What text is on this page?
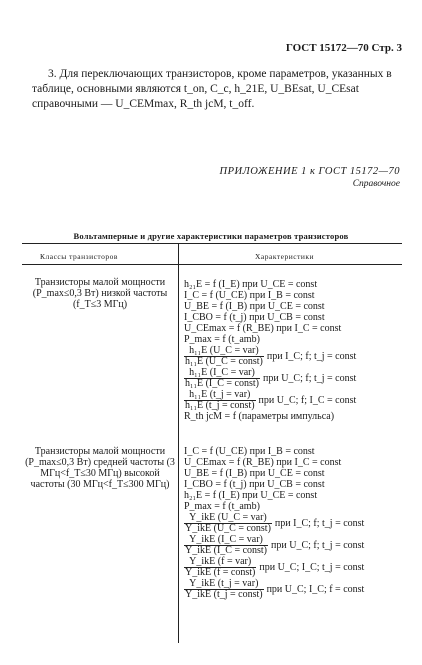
ГОСТ 15172—70 Стр. 3
3. Для переключающих транзисторов, кроме параметров, указанных в таблице, основными являются t_on, C_c, h_21E, U_BEsat, U_CEsat справочными — U_CEMmax, R_th jcM, t_off.
ПРИЛОЖЕНИЕ 1 к ГОСТ 15172—70
Справочное
Вольтамперные и другие характеристики параметров транзисторов
Классы транзисторов	Характеристики
Транзисторы малой мощности (P_max≤0,3 Вт) низкой частоты (f_T≤3 МГц)
h₂₁E = f (I_E) при U_CE = const
I_C = f (U_CE) при I_B = const
U_BE = f (I_B) при U_CE = const
I_CBO = f (t_j) при U_CB = const
U_CEmax = f (R_BE) при I_C = const
P_max = f (t_amb)
$\frac{\text{h₁₁E (U\_C = var)}}{\text{h₁₁E (U\_C = const)}}$ при I_C; f; t_j = const
$\frac{\text{h₁₁E (I\_C = var)}}{\text{h₁₁E (I\_C = const)}}$ при U_C; f; t_j = const
$\frac{\text{h₁₁E (t\_j = var)}}{\text{h₁₁E (t\_j = const)}}$ при U_C; f; I_C = const
R_th jcM = f (параметры импульса)
Транзисторы малой мощности (P_max≤0,3 Вт) средней частоты (3 МГц<f_T≤30 МГц) высокой частоты (30 МГц<f_T≤300 МГц)
I_C = f (U_CE) при I_B = const
U_CEmax = f (R_BE) при I_C = const
U_BE = f (I_B) при U_CE = const
I_CBO = f (t_j) при U_CB = const
h₂₁E = f (I_E) при U_CE = const
P_max = f (t_amb)
$\frac{\text{Y\_ikE (U\_C = var)}}{\text{Y\_ikE (U\_C = const)}}$ при I_C; f; t_j = const
$\frac{\text{Y\_ikE (I\_C = var)}}{\text{Y\_ikE (I\_C = const)}}$ при U_C; f; t_j = const
$\frac{\text{Y\_ikE (f = var)}}{\text{Y\_ikE (f = const)}}$ при U_C; I_C; t_j = const
$\frac{\text{Y\_ikE (t\_j = var)}}{\text{Y\_ikE (t\_j = const)}}$ при U_C; I_C; f = const
